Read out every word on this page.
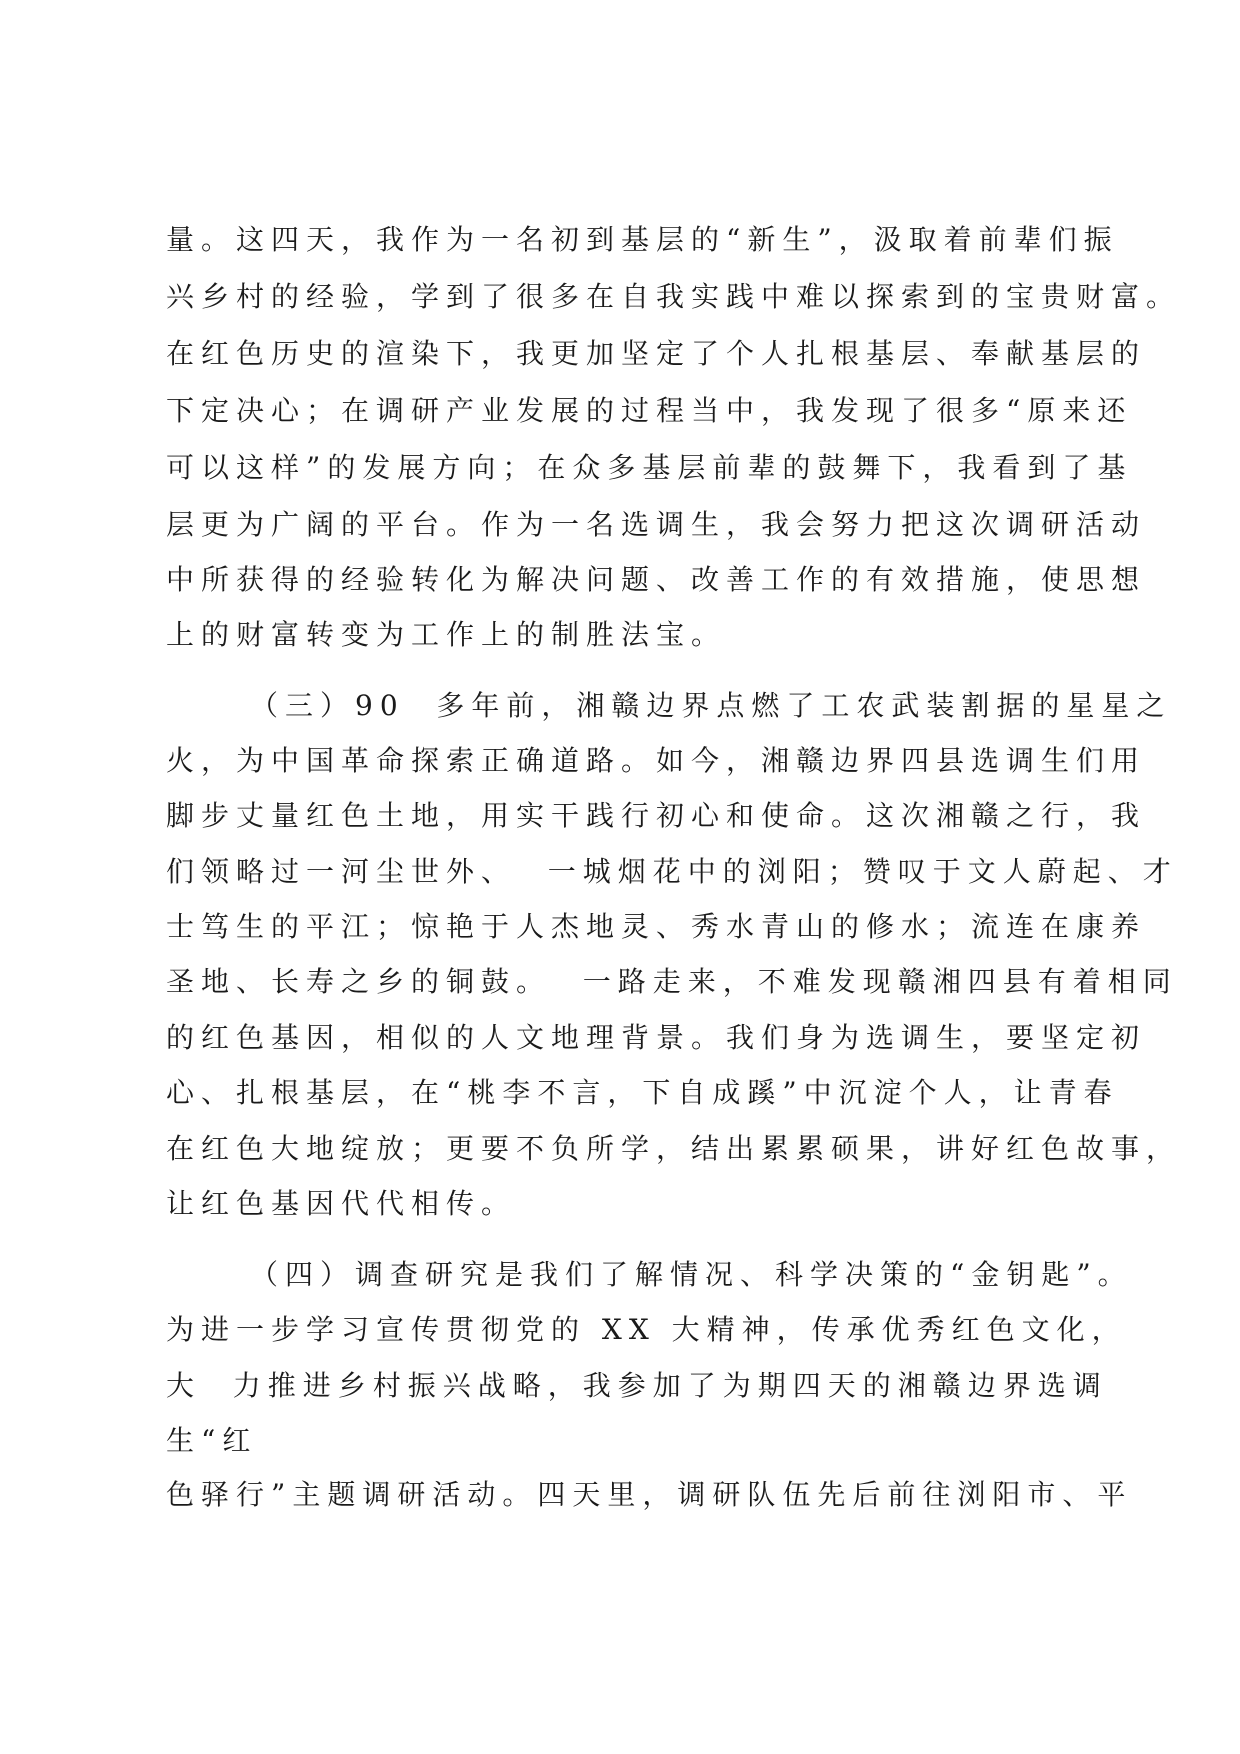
量。这四天，我作为一名初到基层的“新生”，汲取着前辈们振
兴乡村的经验，学到了很多在自我实践中难以探索到的宝贵财富。
在红色历史的渲染下，我更加坚定了个人扎根基层、奉献基层的
下定决心；在调研产业发展的过程当中，我发现了很多“原来还
可以这样”的发展方向；在众多基层前辈的鼓舞下，我看到了基
层更为广阔的平台。作为一名选调生，我会努力把这次调研活动
中所获得的经验转化为解决问题、改善工作的有效措施，使思想
上的财富转变为工作上的制胜法宝。
（三）90  多年前，湘赣边界点燃了工农武装割据的星星之
火，为中国革命探索正确道路。如今，湘赣边界四县选调生们用
脚步丈量红色土地，用实干践行初心和使命。这次湘赣之行，我
们领略过一河尘世外、  一城烟花中的浏阳；赞叹于文人蔚起、才
士笃生的平江；惊艳于人杰地灵、秀水青山的修水；流连在康养
圣地、长寿之乡的铜鼓。  一路走来，不难发现赣湘四县有着相同
的红色基因，相似的人文地理背景。我们身为选调生，要坚定初
心、扎根基层，在“桃李不言，下自成蹊”中沉淀个人，让青春
在红色大地绽放；更要不负所学，结出累累硕果，讲好红色故事，
让红色基因代代相传。
（四）调查研究是我们了解情况、科学决策的“金钥匙”。
为进一步学习宣传贯彻党的 XX 大精神，传承优秀红色文化，
大  力推进乡村振兴战略，我参加了为期四天的湘赣边界选调
生“红
色驿行”主题调研活动。四天里，调研队伍先后前往浏阳市、平
